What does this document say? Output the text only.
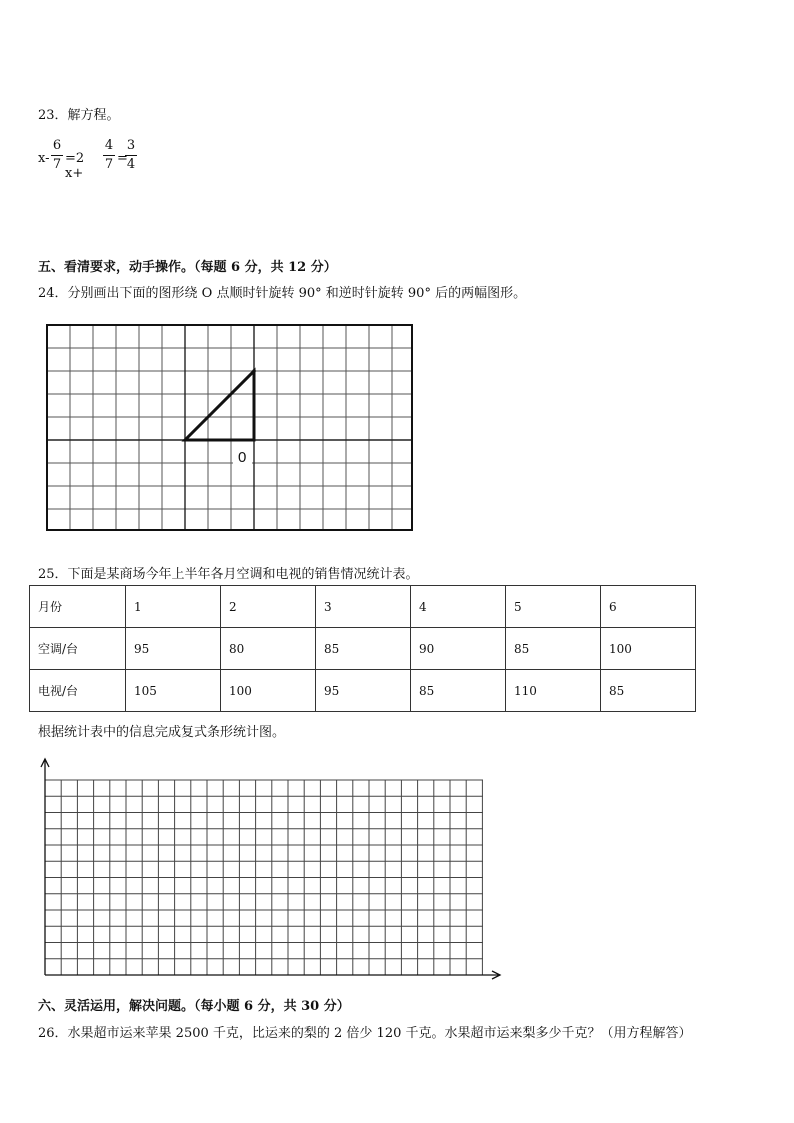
23．解方程。
x-
6
7 =2 x+
4
7 =
3
4
五、看清要求，动手操作。（每题 6 分，共 12 分）
24．分别画出下面的图形绕 O 点顺时针旋转 90° 和逆时针旋转 90° 后的两幅图形。
0
25．下面是某商场今年上半年各月空调和电视的销售情况统计表。
月份	1	2	3	4	5	6
空调/台	95	80	85	90	85	100
电视/台	105	100	95	85	110	85
根据统计表中的信息完成复式条形统计图。
六、灵活运用，解决问题。（每小题 6 分，共 30 分）
26．水果超市运来苹果 2500 千克，比运来的梨的 2 倍少 120 千克。水果超市运来梨多少千克？（用方程解答）
